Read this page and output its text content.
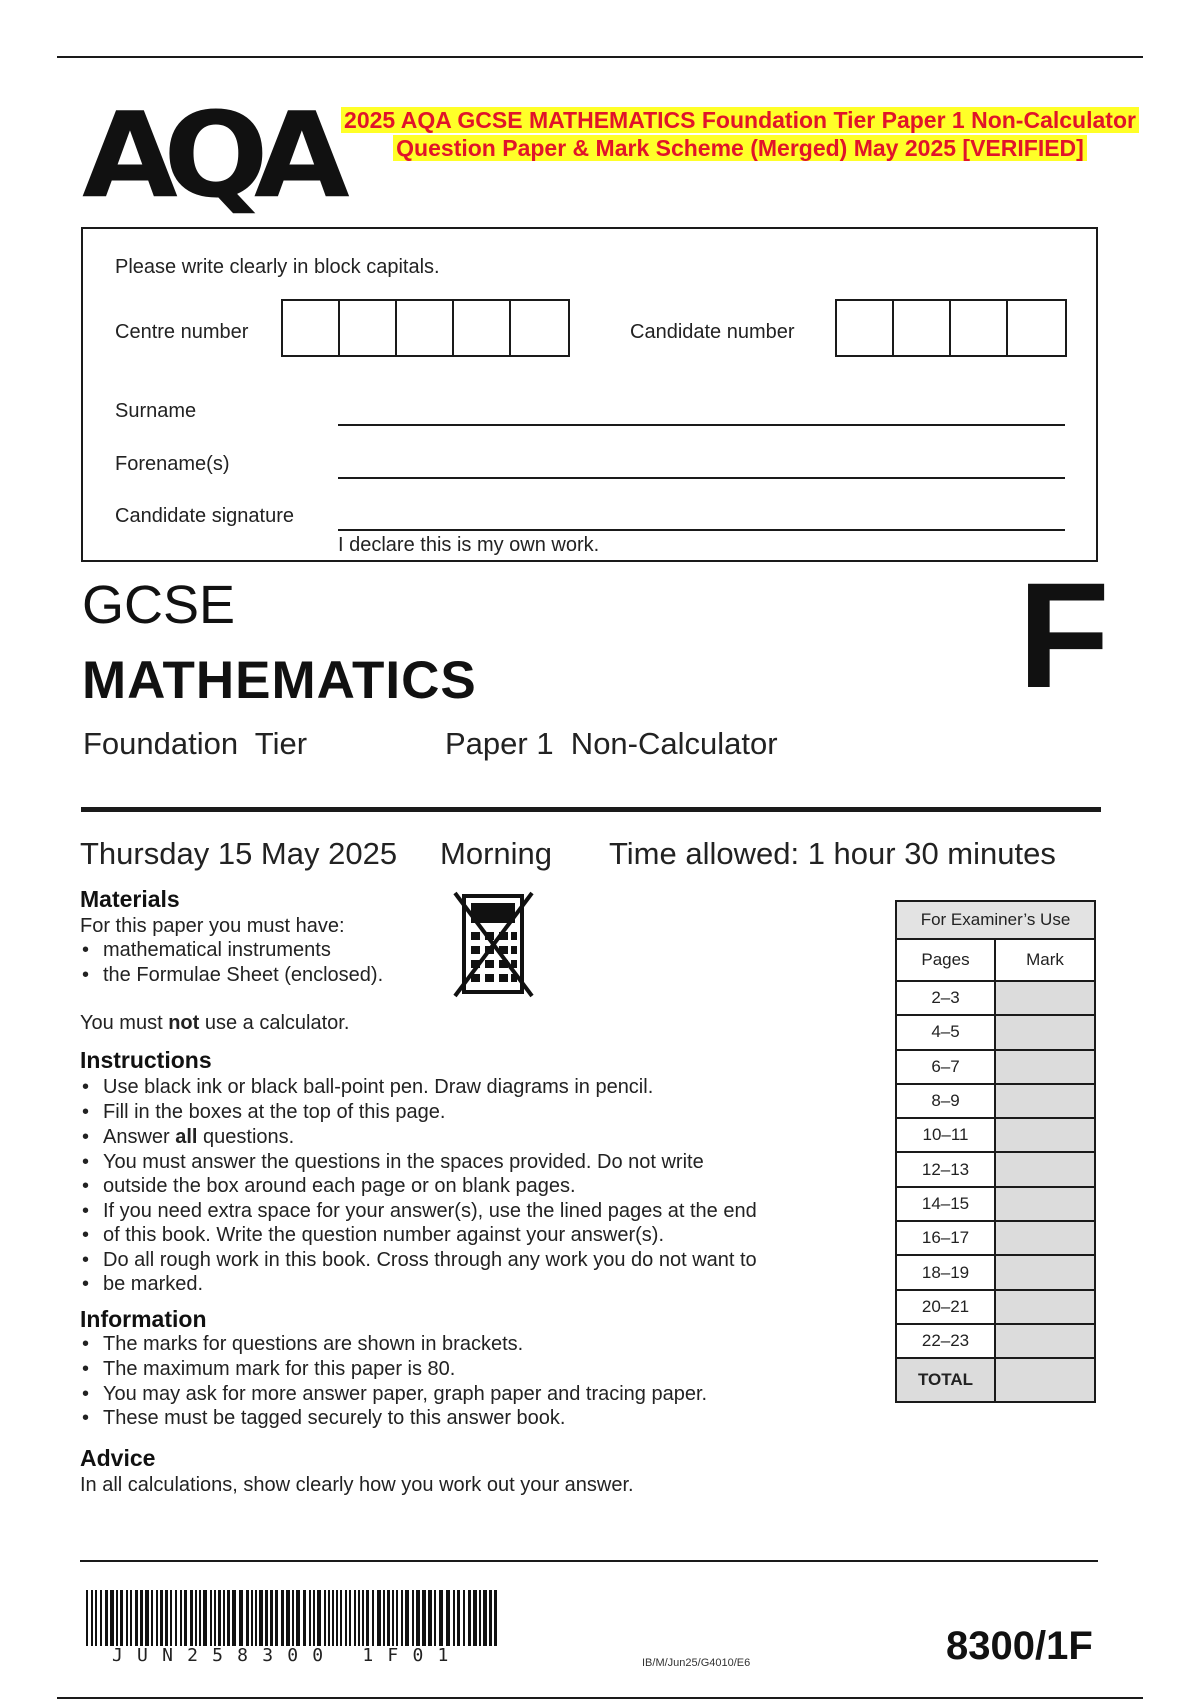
AQA 2025 AQA GCSE MATHEMATICS Foundation Tier Paper 1 Non-Calculator Question Paper & Mark Scheme (Merged) May 2025 [VERIFIED]
Please write clearly in block capitals.
Centre number	Candidate number
Surname
Forename(s)
Candidate signature
I declare this is my own work.
GCSE
MATHEMATICS	F
Foundation  Tier	Paper 1  Non-Calculator
Thursday 15 May 2025 Morning Time allowed: 1 hour 30 minutes
Materials
For this paper you must have:
• mathematical instruments
• the Formulae Sheet (enclosed).
You must not use a calculator.
Instructions
• Use black ink or black ball-point pen. Draw diagrams in pencil.
• Fill in the boxes at the top of this page.
• Answer all questions.
• You must answer the questions in the spaces provided. Do not write
• outside the box around each page or on blank pages.
• If you need extra space for your answer(s), use the lined pages at the end
• of this book. Write the question number against your answer(s).
• Do all rough work in this book. Cross through any work you do not want to
• be marked.
Information
• The marks for questions are shown in brackets.
• The maximum mark for this paper is 80.
• You may ask for more answer paper, graph paper and tracing paper.
• These must be tagged securely to this answer book.
Advice
In all calculations, show clearly how you work out your answer.
For Examiner’s Use	
Pages	Mark
2–3	
4–5	
6–7	
8–9	
10–11	
12–13	
14–15	
16–17	
18–19	
20–21	
22–23	
TOTAL	
JUN258300 1F01	IB/M/Jun25/G4010/E6	8300/1F
